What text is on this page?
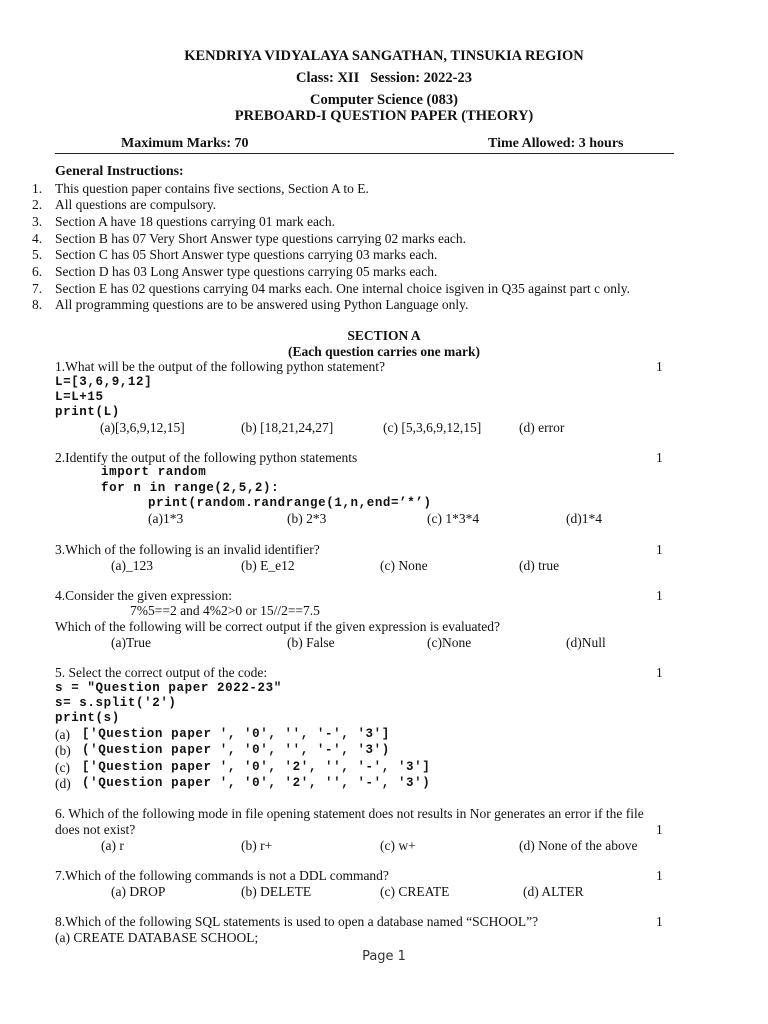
KENDRIYA VIDYALAYA SANGATHAN, TINSUKIA REGION
Class: XII   Session: 2022-23
Computer Science (083)
PREBOARD-I QUESTION PAPER (THEORY)
Maximum Marks: 70	Time Allowed: 3 hours
General Instructions:
1. This question paper contains five sections, Section A to E.
2. All questions are compulsory.
3. Section A have 18 questions carrying 01 mark each.
4. Section B has 07 Very Short Answer type questions carrying 02 marks each.
5. Section C has 05 Short Answer type questions carrying 03 marks each.
6. Section D has 03 Long Answer type questions carrying 05 marks each.
7. Section E has 02 questions carrying 04 marks each. One internal choice isgiven in Q35 against part c only.
8. All programming questions are to be answered using Python Language only.
SECTION A
(Each question carries one mark)
1.What will be the output of the following python statement?	1
L=[3,6,9,12]
L=L+15
print(L)
(a)[3,6,9,12,15]	(b) [18,21,24,27]	(c) [5,3,6,9,12,15]	(d) error
2.Identify the output of the following python statements	1
import random
for n in range(2,5,2):
print(random.randrange(1,n,end=’*’)
(a)1*3	(b) 2*3	(c) 1*3*4	(d)1*4
3.Which of the following is an invalid identifier?	1
(a)_123	(b) E_e12	(c) None	(d) true
4.Consider the given expression:	1
7%5==2 and 4%2>0 or 15//2==7.5
Which of the following will be correct output if the given expression is evaluated?
(a)True	(b) False	(c)None	(d)Null
5. Select the correct output of the code:	1
s = "Question paper 2022-23"
s= s.split('2')
print(s)
(a) ['Question paper ', '0', '', '-', '3']
(b) ('Question paper ', '0', '', '-', '3')
(c) ['Question paper ', '0', '2', '', '-', '3']
(d) ('Question paper ', '0', '2', '', '-', '3')
6. Which of the following mode in file opening statement does not results in Nor generates an error if the file
does not exist?	1
(a) r	(b) r+	(c) w+	(d) None of the above
7.Which of the following commands is not a DDL command?	1
(a) DROP	(b) DELETE	(c) CREATE	(d) ALTER
8.Which of the following SQL statements is used to open a database named “SCHOOL”?	1
(a) CREATE DATABASE SCHOOL;
Page 1
